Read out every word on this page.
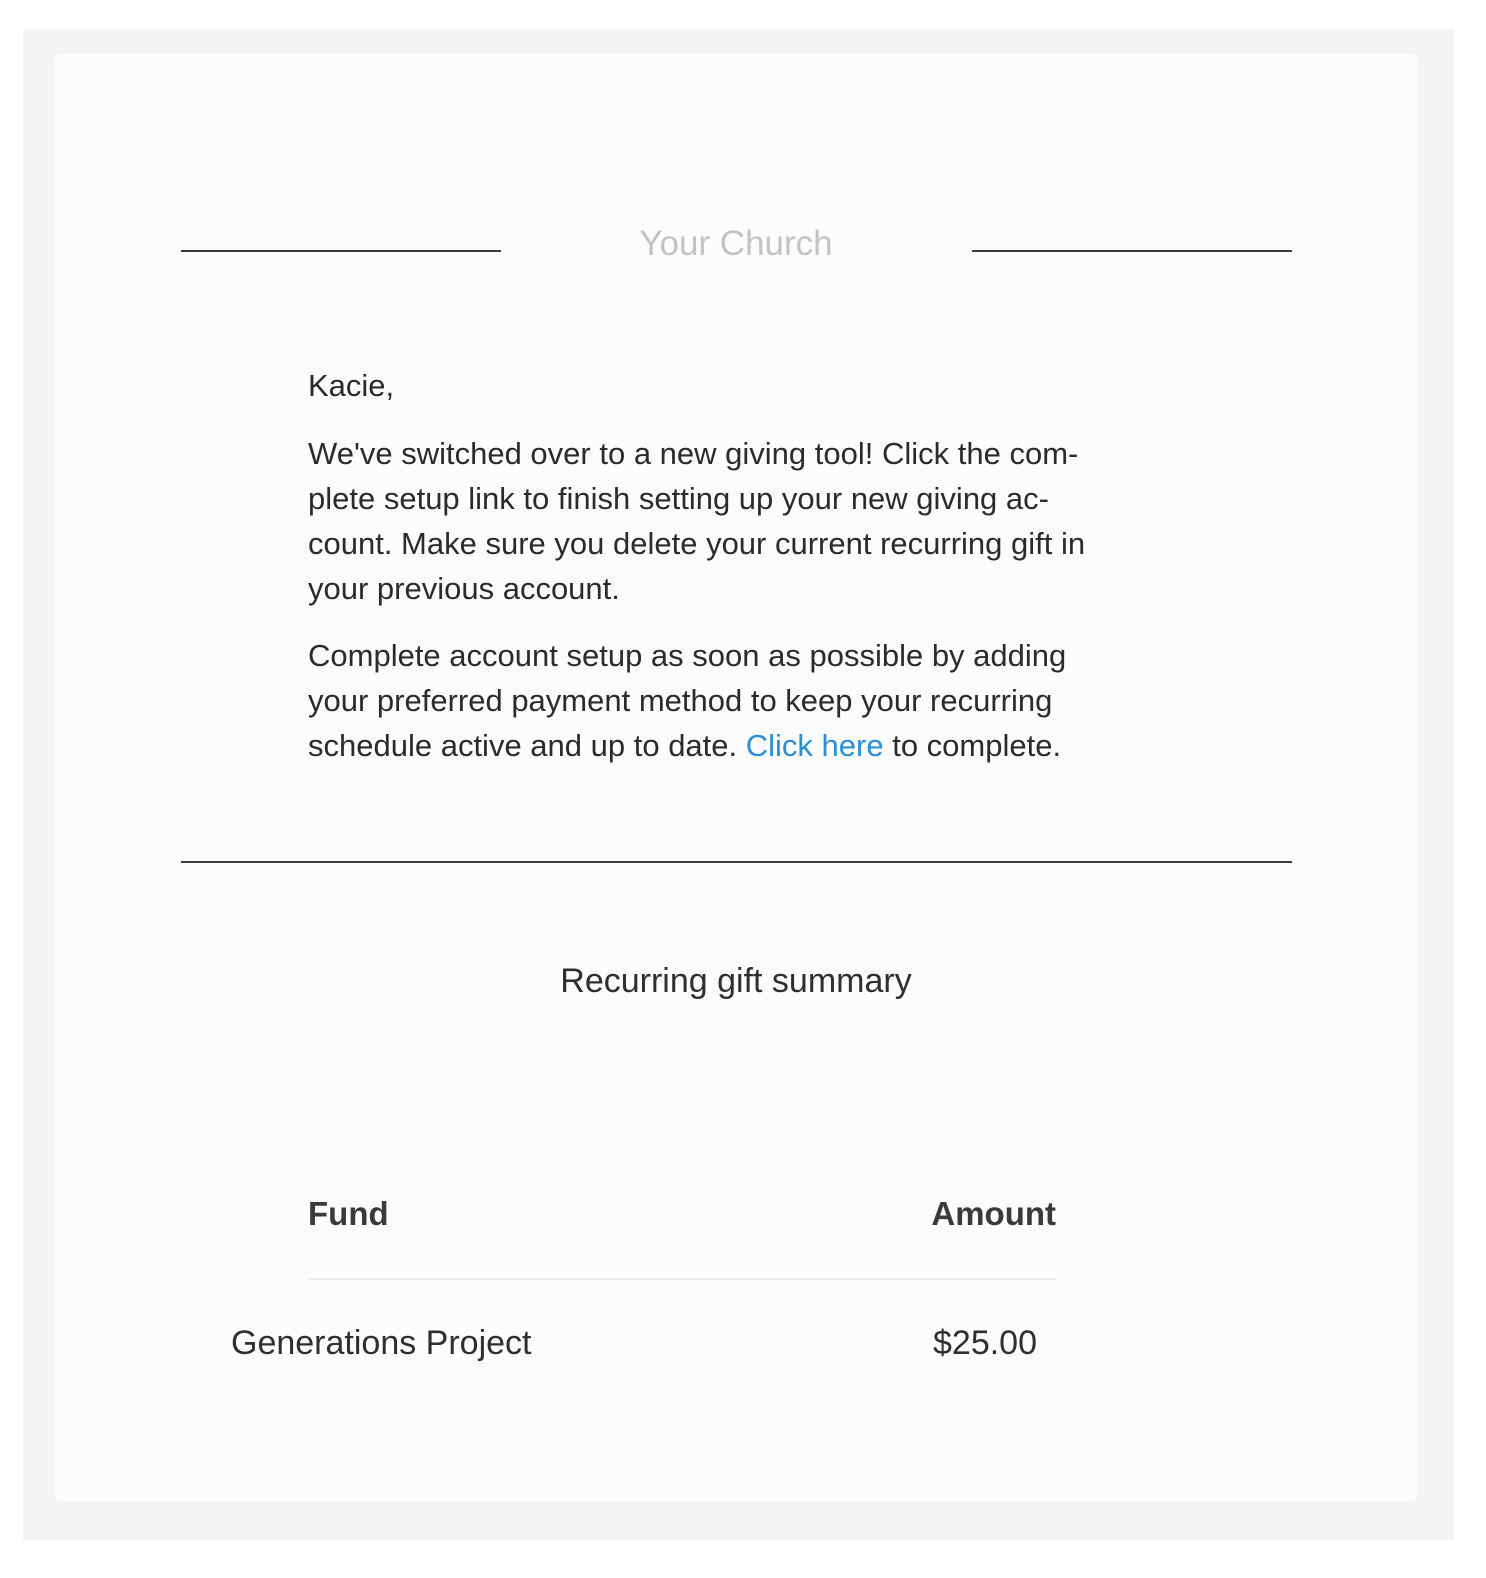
Your Church
Kacie,
We've switched over to a new giving tool! Click the com-
plete setup link to finish setting up your new giving ac-
count. Make sure you delete your current recurring gift in
your previous account.
Complete account setup as soon as possible by adding
your preferred payment method to keep your recurring
schedule active and up to date. Click here to complete.
Recurring gift summary
Fund	Amount
Generations Project	$25.00
